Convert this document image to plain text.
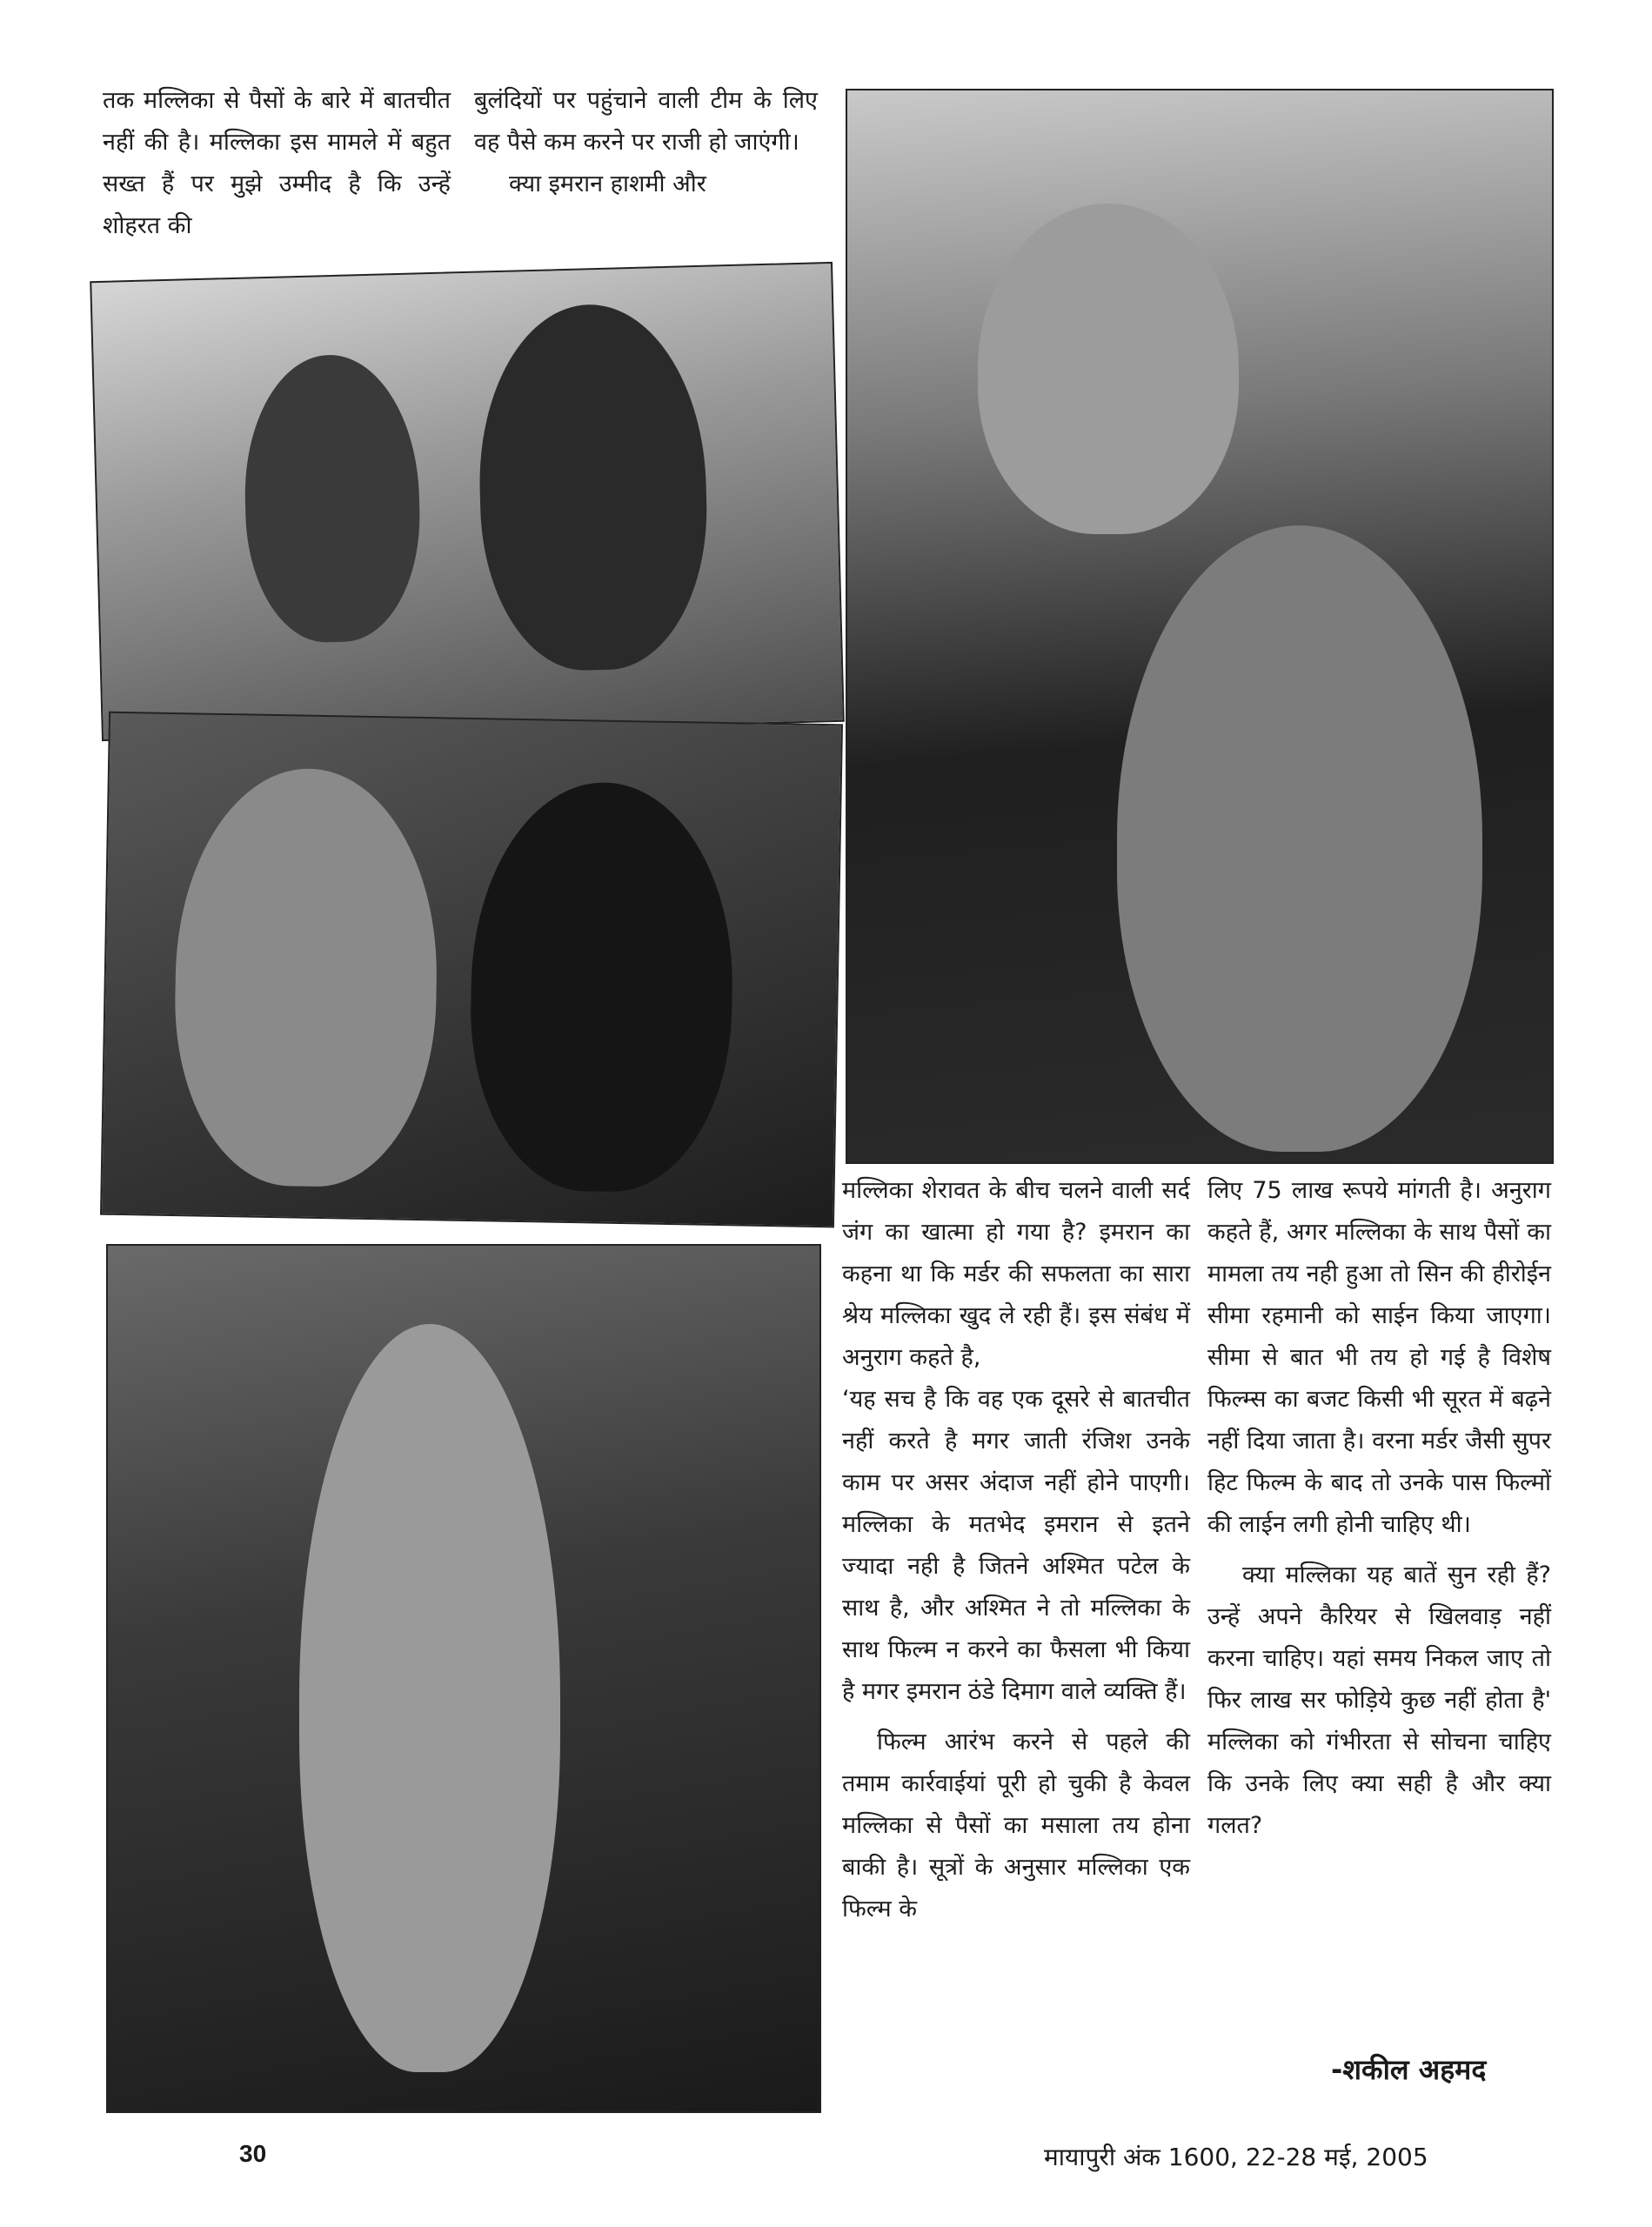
तक मल्लिका से पैसों के बारे में बातचीत नहीं की है। मल्लिका इस मामले में बहुत सख्त हैं पर मुझे उम्मीद है कि उन्हें शोहरत की

बुलंदियों पर पहुंचाने वाली टीम के लिए वह पैसे कम करने पर राजी हो जाएंगी।

क्या इमरान हाशमी और

मल्लिका शेरावत के बीच चलने वाली सर्द जंग का खात्मा हो गया है? इमरान का कहना था कि मर्डर की सफलता का सारा श्रेय मल्लिका खुद ले रही हैं। इस संबंध में अनुराग कहते है,

‘यह सच है कि वह एक दूसरे से बातचीत नहीं करते है मगर जाती रंजिश उनके काम पर असर अंदाज नहीं होने पाएगी। मल्लिका के मतभेद इमरान से इतने ज्यादा नही है जितने अश्मित पटेल के साथ है, और अश्मित ने तो मल्लिका के साथ फिल्म न करने का फैसला भी किया है मगर इमरान ठंडे दिमाग वाले व्यक्ति हैं।

फिल्म आरंभ करने से पहले की तमाम कार्रवाईयां पूरी हो चुकी है केवल मल्लिका से पैसों का मसाला तय होना बाकी है। सूत्रों के अनुसार मल्लिका एक फिल्म के

लिए 75 लाख रूपये मांगती है। अनुराग कहते हैं, अगर मल्लिका के साथ पैसों का मामला तय नही हुआ तो सिन की हीरोईन सीमा रहमानी को साईन किया जाएगा। सीमा से बात भी तय हो गई है विशेष फिल्म्स का बजट किसी भी सूरत में बढ़ने नहीं दिया जाता है। वरना मर्डर जैसी सुपर हिट फिल्म के बाद तो उनके पास फिल्मों की लाईन लगी होनी चाहिए थी।

क्या मल्लिका यह बातें सुन रही हैं? उन्हें अपने कैरियर से खिलवाड़ नहीं करना चाहिए। यहां समय निकल जाए तो फिर लाख सर फोड़िये कुछ नहीं होता है' मल्लिका को गंभीरता से सोचना चाहिए कि उनके लिए क्या सही है और क्या गलत?

-शकील अहमद
30	मायापुरी अंक 1600, 22-28 मई, 2005
